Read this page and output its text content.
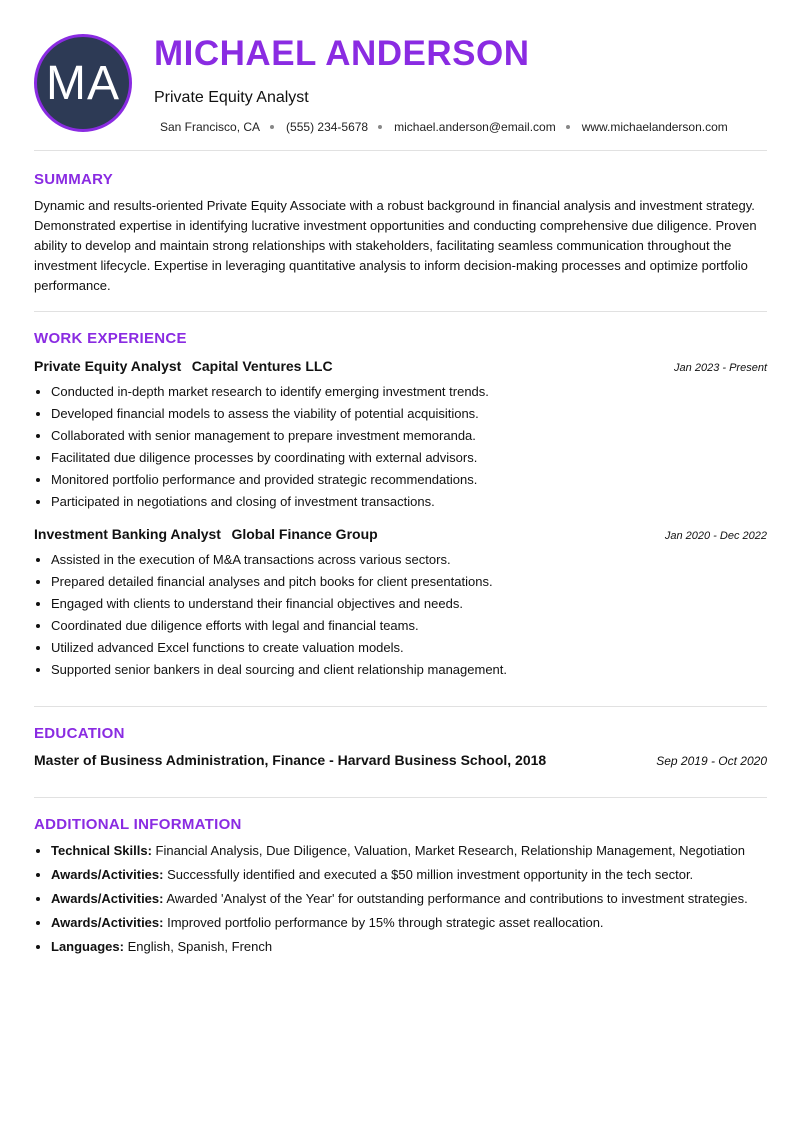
MA
MICHAEL ANDERSON
Private Equity Analyst
San Francisco, CA (555) 234-5678 michael.anderson@email.com www.michaelanderson.com
SUMMARY
Dynamic and results-oriented Private Equity Associate with a robust background in financial analysis and investment strategy. Demonstrated expertise in identifying lucrative investment opportunities and conducting comprehensive due diligence. Proven ability to develop and maintain strong relationships with stakeholders, facilitating seamless communication throughout the investment lifecycle. Expertise in leveraging quantitative analysis to inform decision-making processes and optimize portfolio performance.
WORK EXPERIENCE
Private Equity Analyst Capital Ventures LLC	Jan 2023 - Present
• Conducted in-depth market research to identify emerging investment trends.
• Developed financial models to assess the viability of potential acquisitions.
• Collaborated with senior management to prepare investment memoranda.
• Facilitated due diligence processes by coordinating with external advisors.
• Monitored portfolio performance and provided strategic recommendations.
• Participated in negotiations and closing of investment transactions.
Investment Banking Analyst Global Finance Group	Jan 2020 - Dec 2022
• Assisted in the execution of M&A transactions across various sectors.
• Prepared detailed financial analyses and pitch books for client presentations.
• Engaged with clients to understand their financial objectives and needs.
• Coordinated due diligence efforts with legal and financial teams.
• Utilized advanced Excel functions to create valuation models.
• Supported senior bankers in deal sourcing and client relationship management.
EDUCATION
Master of Business Administration, Finance - Harvard Business School, 2018	Sep 2019 - Oct 2020
ADDITIONAL INFORMATION
• Technical Skills: Financial Analysis, Due Diligence, Valuation, Market Research, Relationship Management, Negotiation
• Awards/Activities: Successfully identified and executed a $50 million investment opportunity in the tech sector.
• Awards/Activities: Awarded 'Analyst of the Year' for outstanding performance and contributions to investment strategies.
• Awards/Activities: Improved portfolio performance by 15% through strategic asset reallocation.
• Languages: English, Spanish, French
